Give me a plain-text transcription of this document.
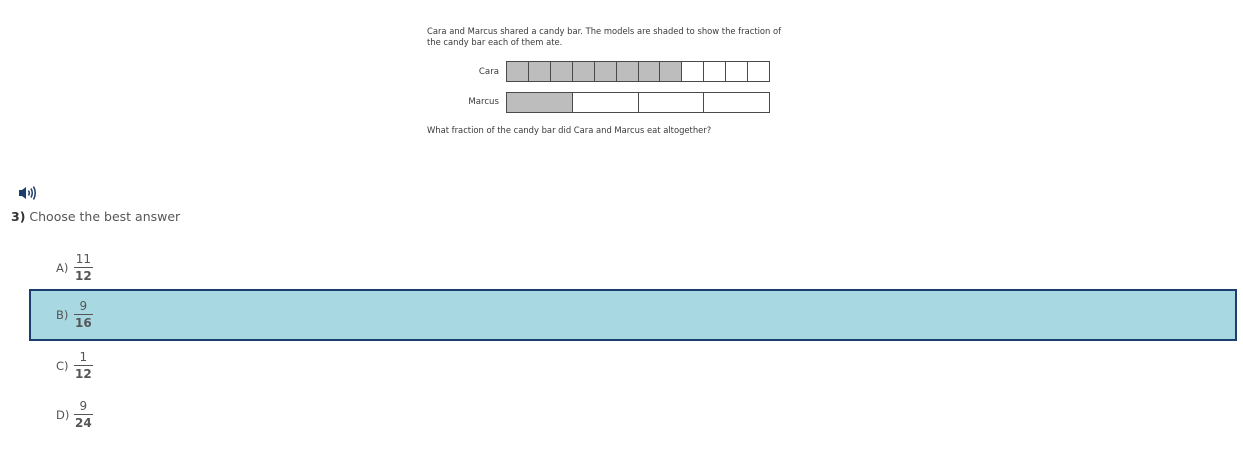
Cara and Marcus shared a candy bar. The models are shaded to show the fraction of
the candy bar each of them ate.
Cara
Marcus
What fraction of the candy bar did Cara and Marcus eat altogether?
3) Choose the best answer
A)
11
12
B)
9
16
C)
1
12
D)
9
24
